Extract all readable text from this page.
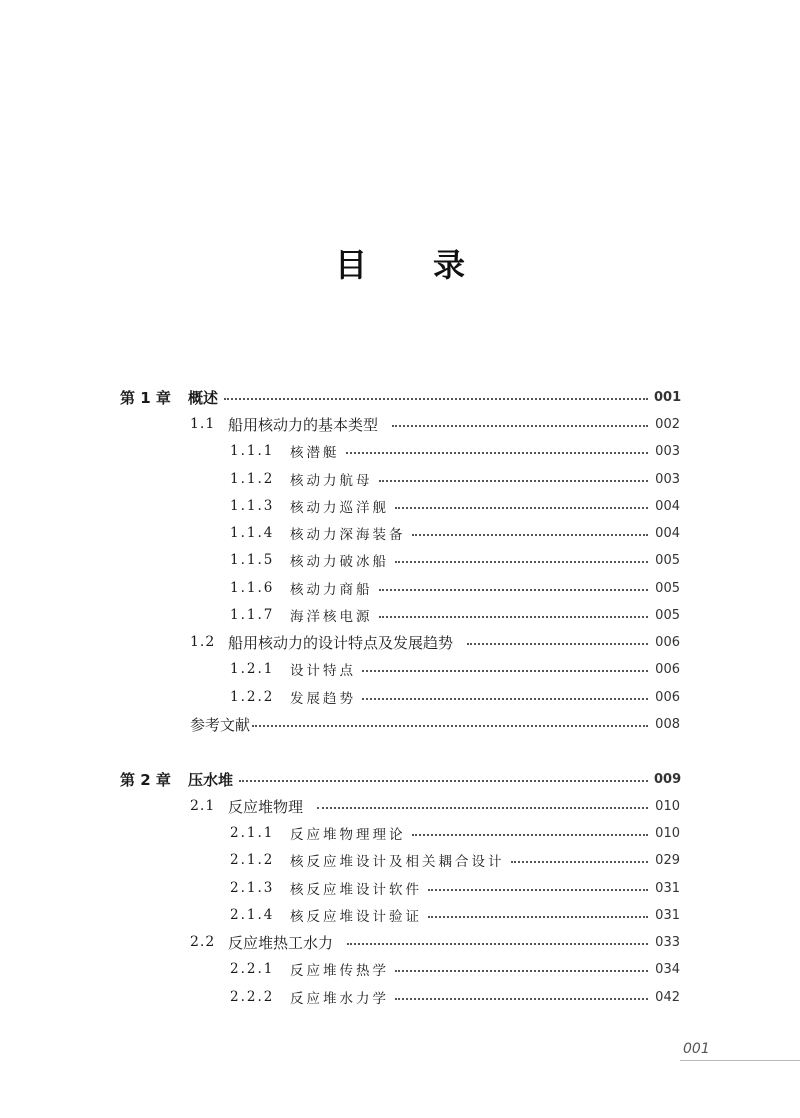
目 录
第 1 章	概述	001
1.1 船用核动力的基本类型	002
1.1.1	核潜艇	003
1.1.2	核动力航母	003
1.1.3	核动力巡洋舰	004
1.1.4	核动力深海装备	004
1.1.5	核动力破冰船	005
1.1.6	核动力商船	005
1.1.7	海洋核电源	005
1.2 船用核动力的设计特点及发展趋势	006
1.2.1	设计特点	006
1.2.2	发展趋势	006
参考文献	008
第 2 章	压水堆	009
2.1 反应堆物理	010
2.1.1	反应堆物理理论	010
2.1.2	核反应堆设计及相关耦合设计	029
2.1.3	核反应堆设计软件	031
2.1.4	核反应堆设计验证	031
2.2 反应堆热工水力	033
2.2.1	反应堆传热学	034
2.2.2	反应堆水力学	042
001
